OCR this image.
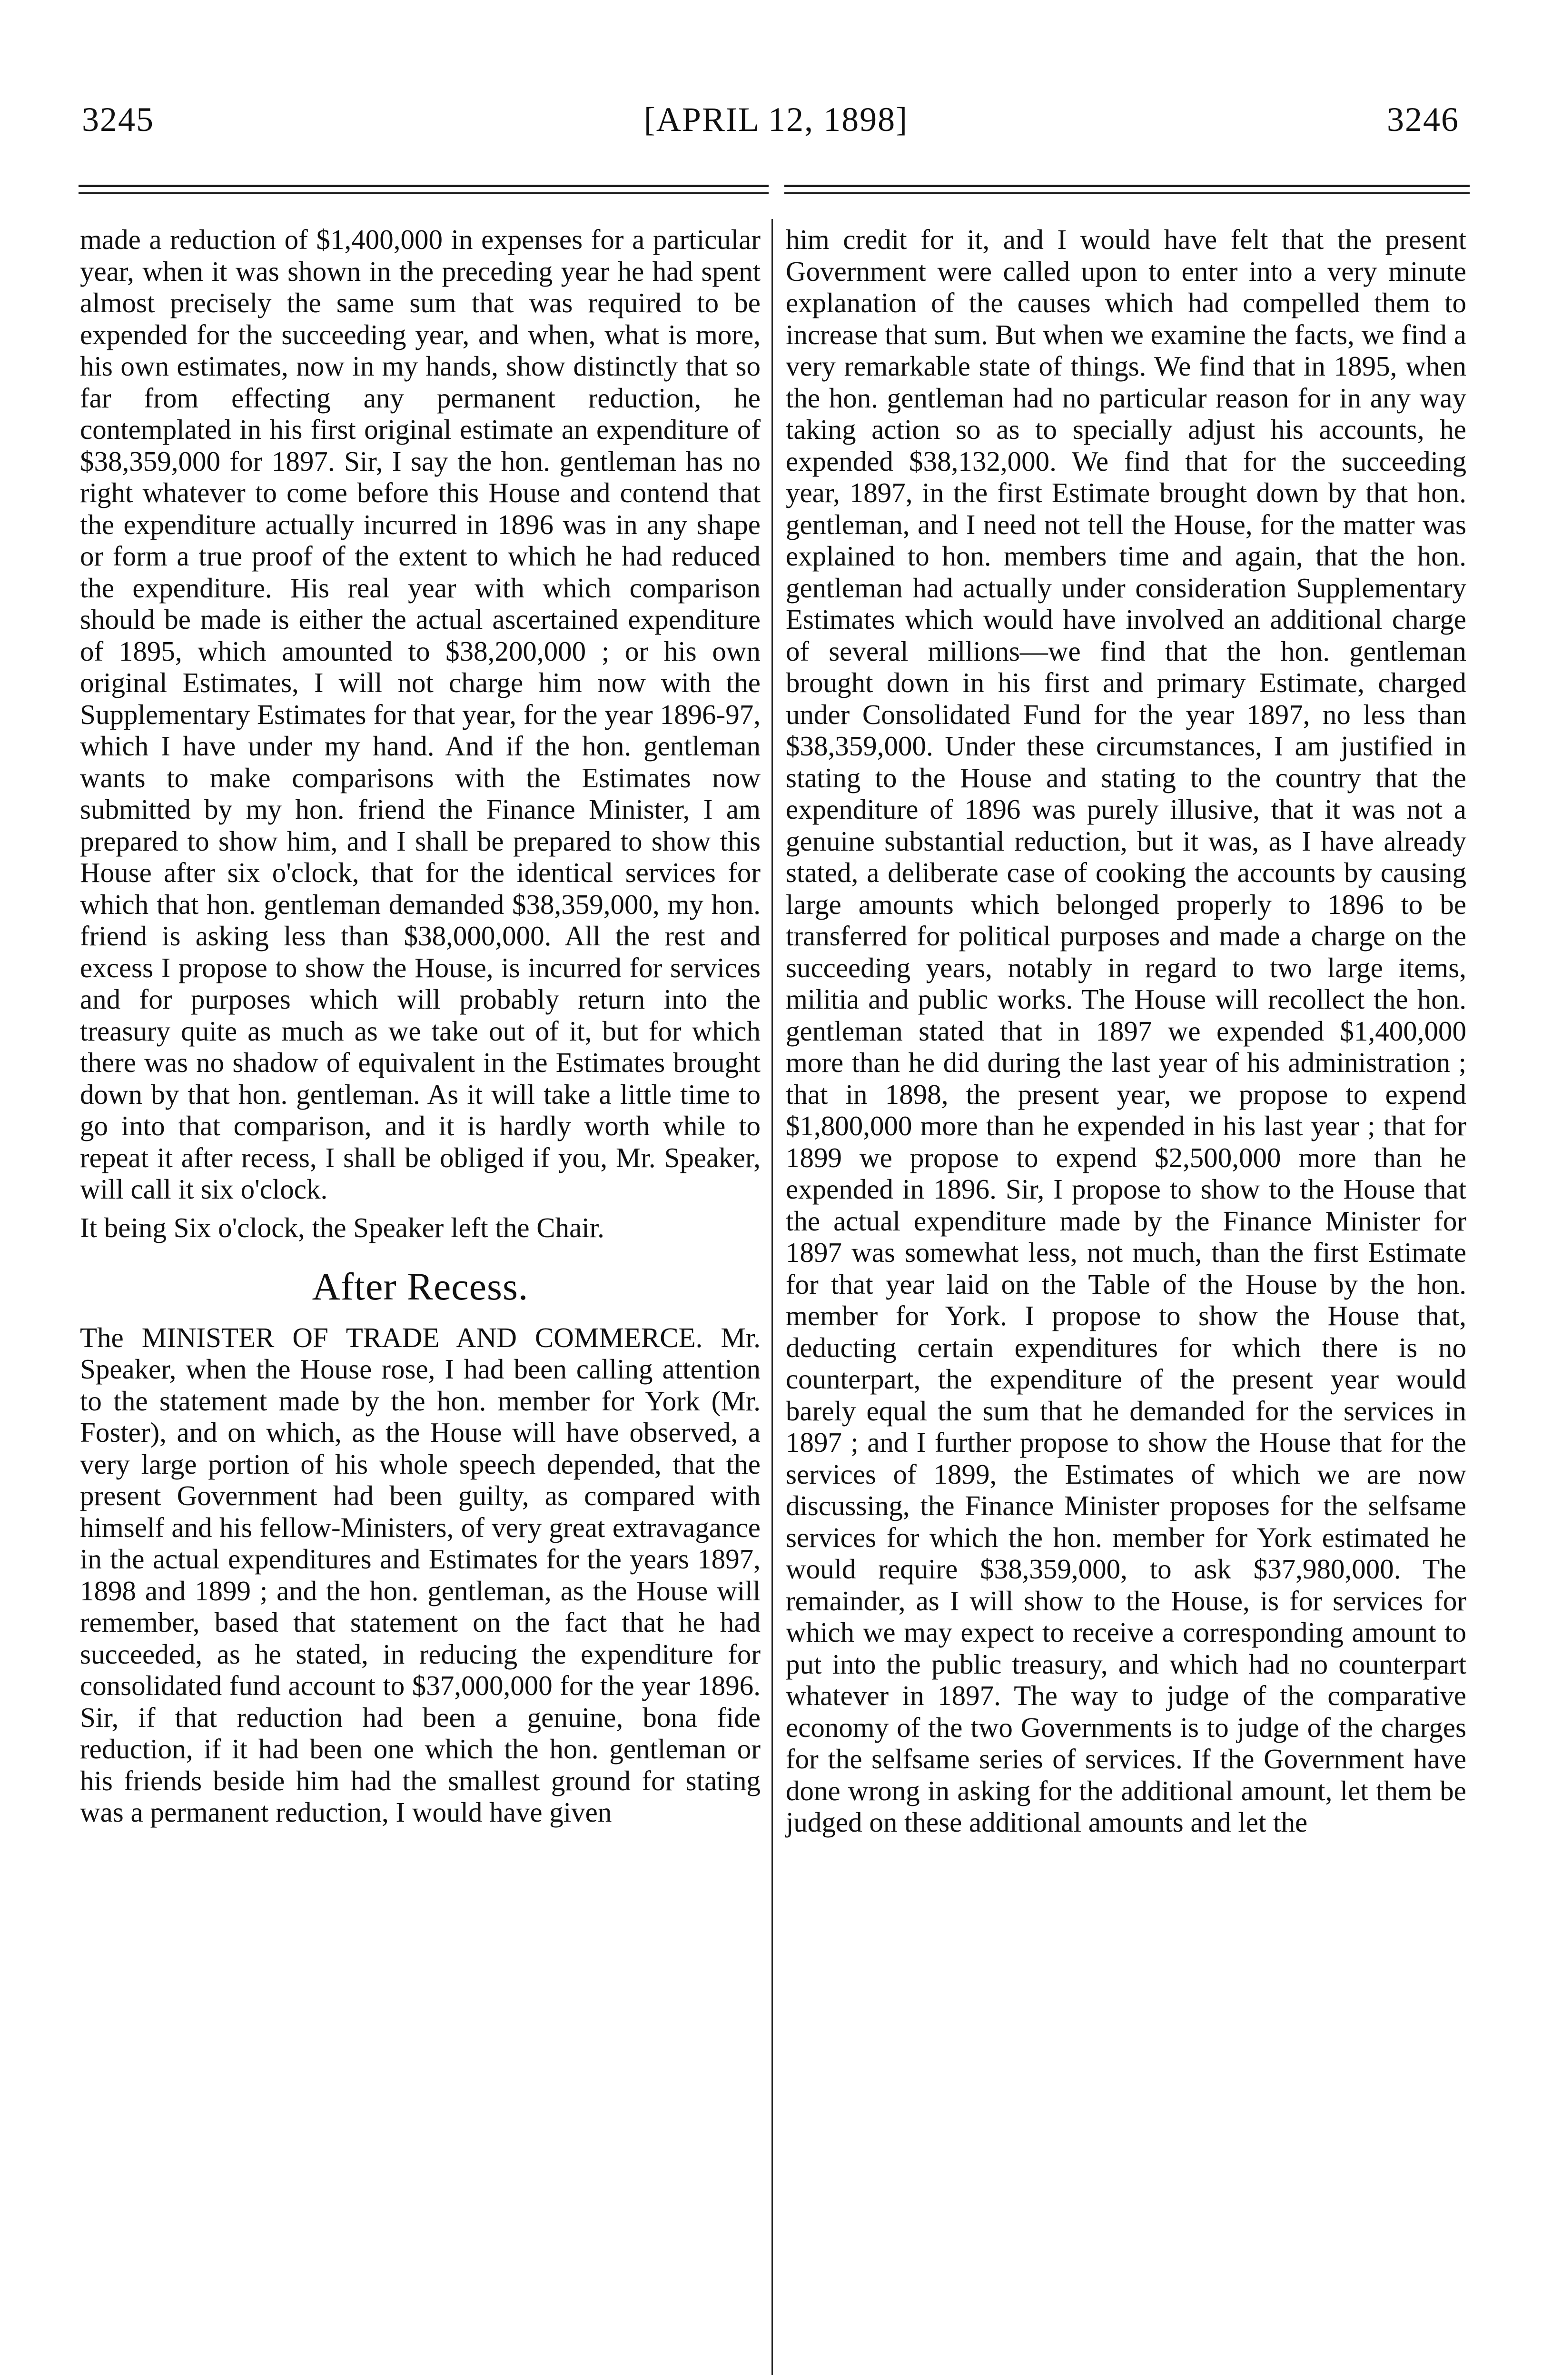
3245	[APRIL 12, 1898]	3246

made a reduction of $1,400,000 in expenses for a particular year, when it was shown in the preceding year he had spent almost precisely the same sum that was required to be expended for the succeeding year, and when, what is more, his own estimates, now in my hands, show distinctly that so far from effecting any permanent reduction, he contemplated in his first original estimate an expenditure of $38,359,000 for 1897. Sir, I say the hon. gentleman has no right whatever to come before this House and contend that the expenditure actually incurred in 1896 was in any shape or form a true proof of the extent to which he had reduced the expenditure. His real year with which comparison should be made is either the actual ascertained expenditure of 1895, which amounted to $38,200,000 ; or his own original Estimates, I will not charge him now with the Supplementary Estimates for that year, for the year 1896-97, which I have under my hand. And if the hon. gentleman wants to make comparisons with the Estimates now submitted by my hon. friend the Finance Minister, I am prepared to show him, and I shall be prepared to show this House after six o'clock, that for the identical services for which that hon. gentleman demanded $38,359,000, my hon. friend is asking less than $38,000,000. All the rest and excess I propose to show the House, is incurred for services and for purposes which will probably return into the treasury quite as much as we take out of it, but for which there was no shadow of equivalent in the Estimates brought down by that hon. gentleman. As it will take a little time to go into that comparison, and it is hardly worth while to repeat it after recess, I shall be obliged if you, Mr. Speaker, will call it six o'clock.

It being Six o'clock, the Speaker left the Chair.

After Recess.

The MINISTER OF TRADE AND COMMERCE. Mr. Speaker, when the House rose, I had been calling attention to the statement made by the hon. member for York (Mr. Foster), and on which, as the House will have observed, a very large portion of his whole speech depended, that the present Government had been guilty, as compared with himself and his fellow-Ministers, of very great extravagance in the actual expenditures and Estimates for the years 1897, 1898 and 1899 ; and the hon. gentleman, as the House will remember, based that statement on the fact that he had succeeded, as he stated, in reducing the expenditure for consolidated fund account to $37,000,000 for the year 1896. Sir, if that reduction had been a genuine, bona fide reduction, if it had been one which the hon. gentleman or his friends beside him had the smallest ground for stating was a permanent reduction, I would have given

him credit for it, and I would have felt that the present Government were called upon to enter into a very minute explanation of the causes which had compelled them to increase that sum. But when we examine the facts, we find a very remarkable state of things. We find that in 1895, when the hon. gentleman had no particular reason for in any way taking action so as to specially adjust his accounts, he expended $38,132,000. We find that for the succeeding year, 1897, in the first Estimate brought down by that hon. gentleman, and I need not tell the House, for the matter was explained to hon. members time and again, that the hon. gentleman had actually under consideration Supplementary Estimates which would have involved an additional charge of several millions—we find that the hon. gentleman brought down in his first and primary Estimate, charged under Consolidated Fund for the year 1897, no less than $38,359,000. Under these circumstances, I am justified in stating to the House and stating to the country that the expenditure of 1896 was purely illusive, that it was not a genuine substantial reduction, but it was, as I have already stated, a deliberate case of cooking the accounts by causing large amounts which belonged properly to 1896 to be transferred for political purposes and made a charge on the succeeding years, notably in regard to two large items, militia and public works. The House will recollect the hon. gentleman stated that in 1897 we expended $1,400,000 more than he did during the last year of his administration ; that in 1898, the present year, we propose to expend $1,800,000 more than he expended in his last year ; that for 1899 we propose to expend $2,500,000 more than he expended in 1896. Sir, I propose to show to the House that the actual expenditure made by the Finance Minister for 1897 was somewhat less, not much, than the first Estimate for that year laid on the Table of the House by the hon. member for York. I propose to show the House that, deducting certain expenditures for which there is no counterpart, the expenditure of the present year would barely equal the sum that he demanded for the services in 1897 ; and I further propose to show the House that for the services of 1899, the Estimates of which we are now discussing, the Finance Minister proposes for the selfsame services for which the hon. member for York estimated he would require $38,359,000, to ask $37,980,000. The remainder, as I will show to the House, is for services for which we may expect to receive a corresponding amount to put into the public treasury, and which had no counterpart whatever in 1897. The way to judge of the comparative economy of the two Governments is to judge of the charges for the selfsame series of services. If the Government have done wrong in asking for the additional amount, let them be judged on these additional amounts and let the
